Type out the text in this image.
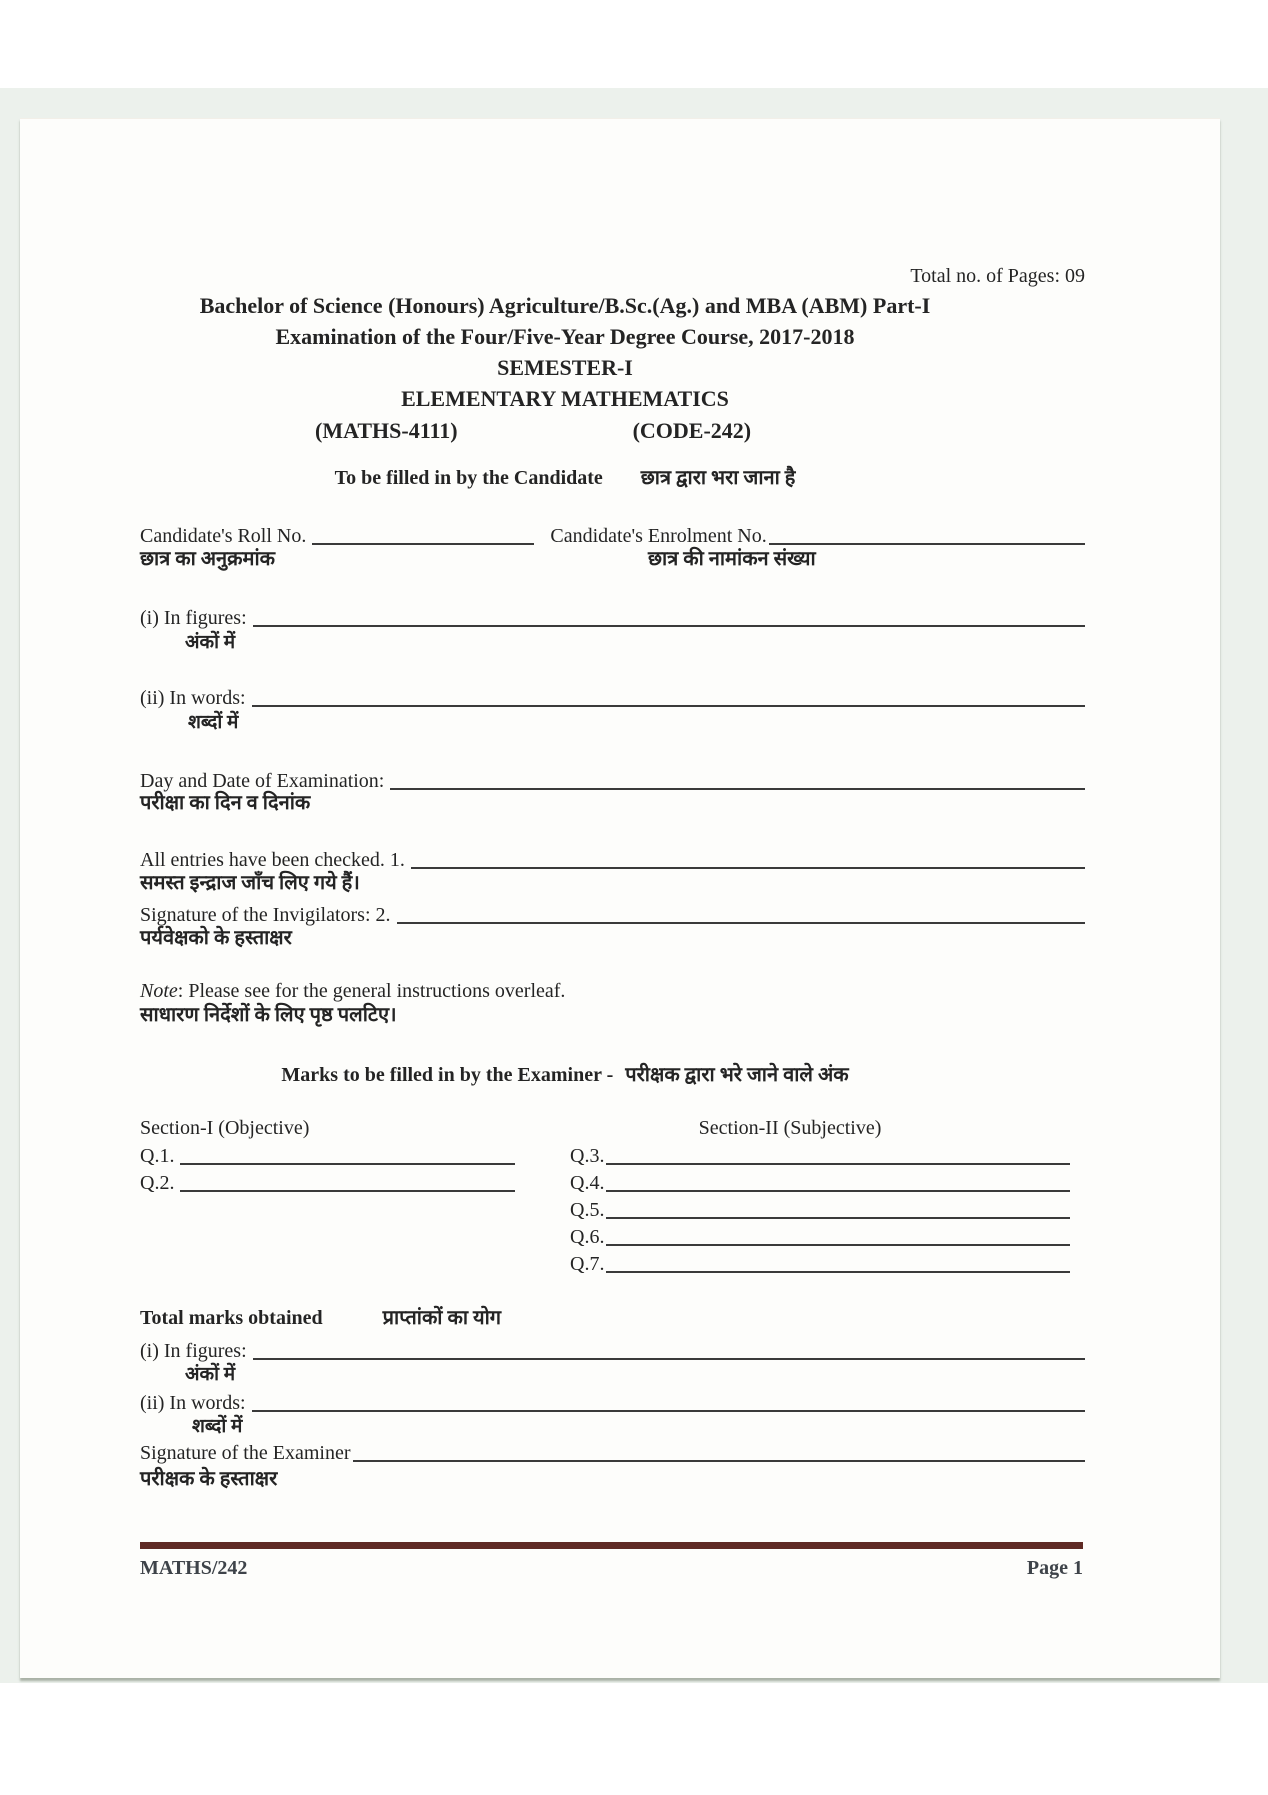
Total no. of Pages: 09
Bachelor of Science (Honours) Agriculture/B.Sc.(Ag.) and MBA (ABM) Part-I
Examination of the Four/Five-Year Degree Course, 2017-2018
SEMESTER-I
ELEMENTARY MATHEMATICS
(MATHS-4111)	(CODE-242)
To be filled in by the Candidate छात्र द्वारा भरा जाना है
Candidate's Roll No.	Candidate's Enrolment No.
छात्र का अनुक्रमांक	छात्र की नामांकन संख्या
(i) In figures:
अंकों में
(ii) In words:
शब्दों में
Day and Date of Examination:
परीक्षा का दिन व दिनांक
All entries have been checked. 1.
समस्त इन्द्राज जाँच लिए गये हैं।
Signature of the Invigilators: 2.
पर्यवेक्षको के हस्ताक्षर
Note : Please see for the general instructions overleaf.
साधारण निर्देशों के लिए पृष्ठ पलटिए।
Marks to be filled in by the Examiner - परीक्षक द्वारा भरे जाने वाले अंक
Section-I (Objective)	Section-II (Subjective)
Q.1.	Q.3.
Q.2.	Q.4.
Q.5.
Q.6.
Q.7.
Total marks obtained	प्राप्तांकों का योग
(i) In figures:
अंकों में
(ii) In words:
शब्दों में
Signature of the Examiner
परीक्षक के हस्ताक्षर
MATHS/242	Page 1
